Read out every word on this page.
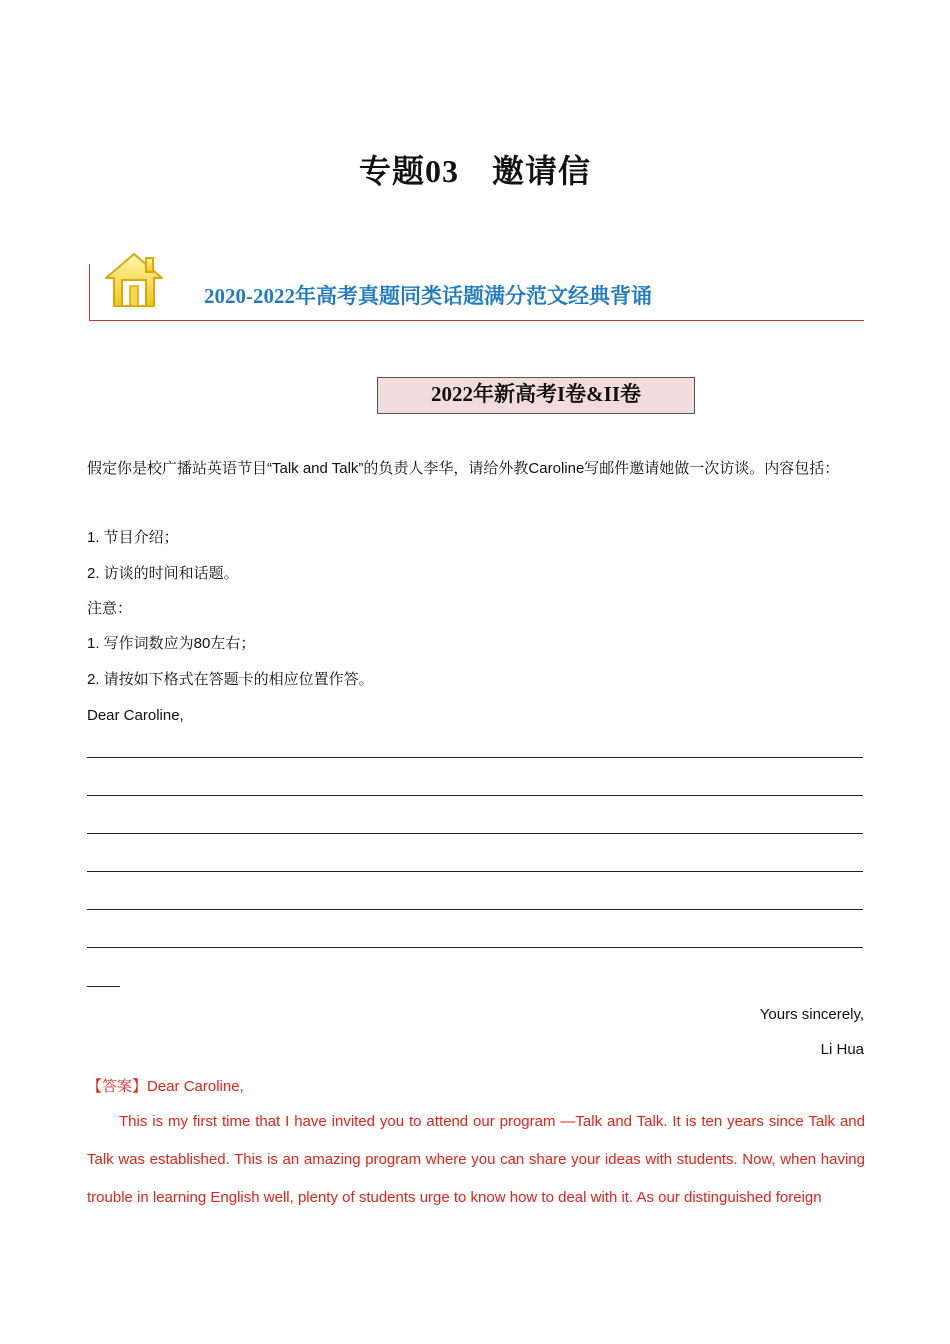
专题03　邀请信
2020-2022年高考真题同类话题满分范文经典背诵
2022年新高考I卷&II卷
假定你是校广播站英语节目“Talk and Talk”的负责人李华，请给外教Caroline写邮件邀请她做一次访谈。内容包括：
1. 节目介绍；
2. 访谈的时间和话题。
注意：
1. 写作词数应为80左右；
2. 请按如下格式在答题卡的相应位置作答。
Dear Caroline,
Yours sincerely,
Li Hua
【答案】Dear Caroline,
This is my first time that I have invited you to attend our program —Talk and Talk. It is ten years since Talk and Talk was established. This is an amazing program where you can share your ideas with students. Now, when having trouble in learning English well, plenty of students urge to know how to deal with it. As our distinguished foreign
